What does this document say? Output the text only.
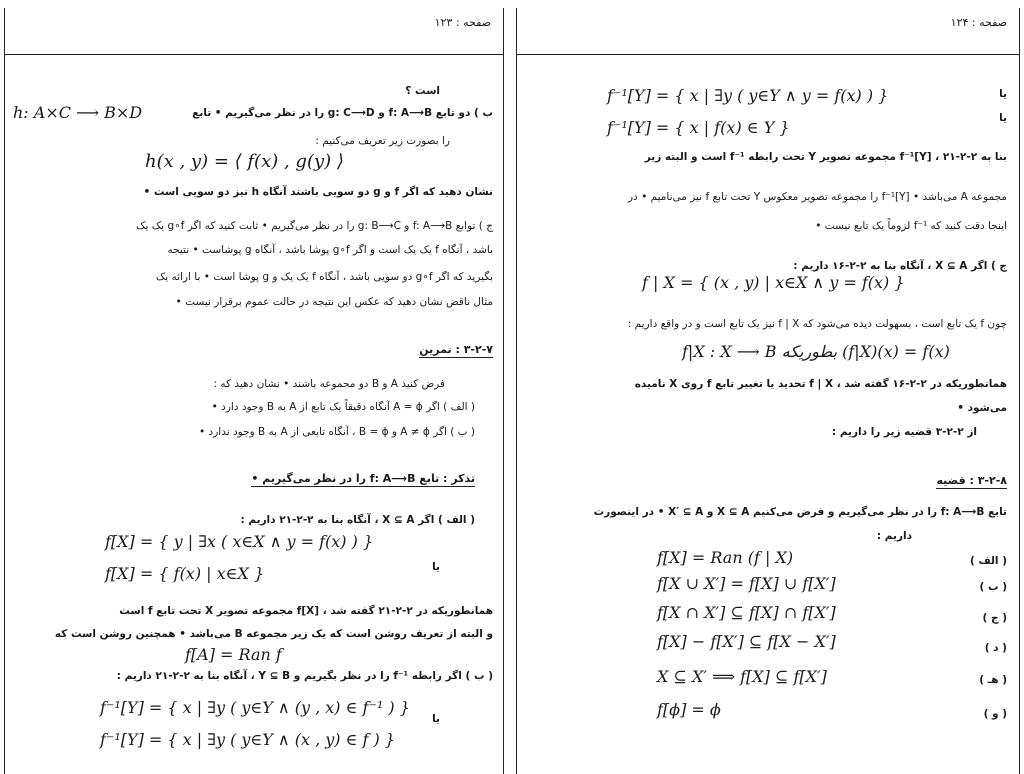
صفحه : ۱۲۳
است ؟
h: A×C ⟶ B×D	ب ) دو تابع f: A⟶B و g: C⟶D را در نظر می‌گیریم • تابع
را بصورت زیر تعریف می‌کنیم :
h(x , y) = ⟨ f(x) , g(y) ⟩
نشان دهید که اگر f و g دو سویی باشند آنگاه h نیز دو سویی است •
ج ) توابع f: A⟶B و g: B⟶C را در نظر می‌گیریم • ثابت کنید که اگر g∘f یک یک
باشد ، آنگاه f یک یک است و اگر g∘f پوشا باشد ، آنگاه g پوشاست • نتیجه
بگیرید که اگر g∘f دو سویی باشد ، آنگاه f یک یک و g پوشا است • با ارائه یک
مثال ناقض نشان دهید که عکس این نتیجه در حالت عموم برقرار نیست •
۳-۲-۷ : تمرین
فرض کنید A و B دو مجموعه باشند • نشان دهید که :
( الف ) اگر A = ϕ آنگاه دقیقاً یک تابع از A به B وجود دارد •
( ب ) اگر A ≠ ϕ و B = ϕ ، آنگاه تابعی از A به B وجود ندارد •
تذکر : تابع f: A⟶B را در نظر می‌گیریم •
( الف ) اگر X ⊆ A ، آنگاه بنا به ۲-۲-۲۱ داریم :
f[X] = { y | ∃x ( x∈X ∧ y = f(x) ) }
یا
f[X] = { f(x) | x∈X }
همانطوریکه در ۲-۲-۲۱ گفته شد ، f[X] مجموعه تصویر X تحت تابع f است
و البته از تعریف روشن است که یک زیر مجموعه B می‌باشد • همچنین روشن است که
f[A] = Ran f
( ب ) اگر رابطه f⁻¹ را در نظر بگیریم و Y ⊆ B ، آنگاه بنا به ۲-۲-۲۱ داریم :
f⁻¹[Y] = { x | ∃y ( y∈Y ∧ (y , x) ∈ f⁻¹ ) }
یا
f⁻¹[Y] = { x | ∃y ( y∈Y ∧ (x , y) ∈ f ) }
صفحه : ۱۲۴
یا
f⁻¹[Y] = { x | ∃y ( y∈Y ∧ y = f(x) ) }
یا
f⁻¹[Y] = { x | f(x) ∈ Y }
بنا به ۲-۲-۲۱ ، f⁻¹[Y] مجموعه تصویر Y تحت رابطه f⁻¹ است و البته زیر
مجموعه A می‌باشد • f⁻¹[Y] را مجموعه تصویر معکوس Y تحت تابع f نیز می‌نامیم • در
اینجا دقت کنید که f⁻¹ لزوماً یک تابع نیست •
ج ) اگر X ⊆ A ، آنگاه بنا به ۲-۲-۱۶ داریم :
f | X = { (x , y) | x∈X ∧ y = f(x) }
چون f یک تابع است ، بسهولت دیده می‌شود که f | X نیز یک تابع است و در واقع داریم :
f|X : X ⟶ B بطوریکه (f|X)(x) = f(x)
همانطوریکه در ۲-۲-۱۶ گفته شد ، f | X تحدید یا تغییر تابع f روی X نامیده
می‌شود •
از ۲-۲-۳ قضیه زیر را داریم :
۳-۲-۸ : قضیه
تابع f: A⟶B را در نظر می‌گیریم و فرض می‌کنیم X ⊆ A و X′ ⊆ A • در اینصورت
داریم :
( الف )
f[X] = Ran (f | X)
( ب )
f[X ∪ X′] = f[X] ∪ f[X′]
( ج )
f[X ∩ X′] ⊆ f[X] ∩ f[X′]
( د )
f[X] − f[X′] ⊆ f[X − X′]
( هـ )
X ⊆ X′ ⟹ f[X] ⊆ f[X′]
( و )
f[ϕ] = ϕ
